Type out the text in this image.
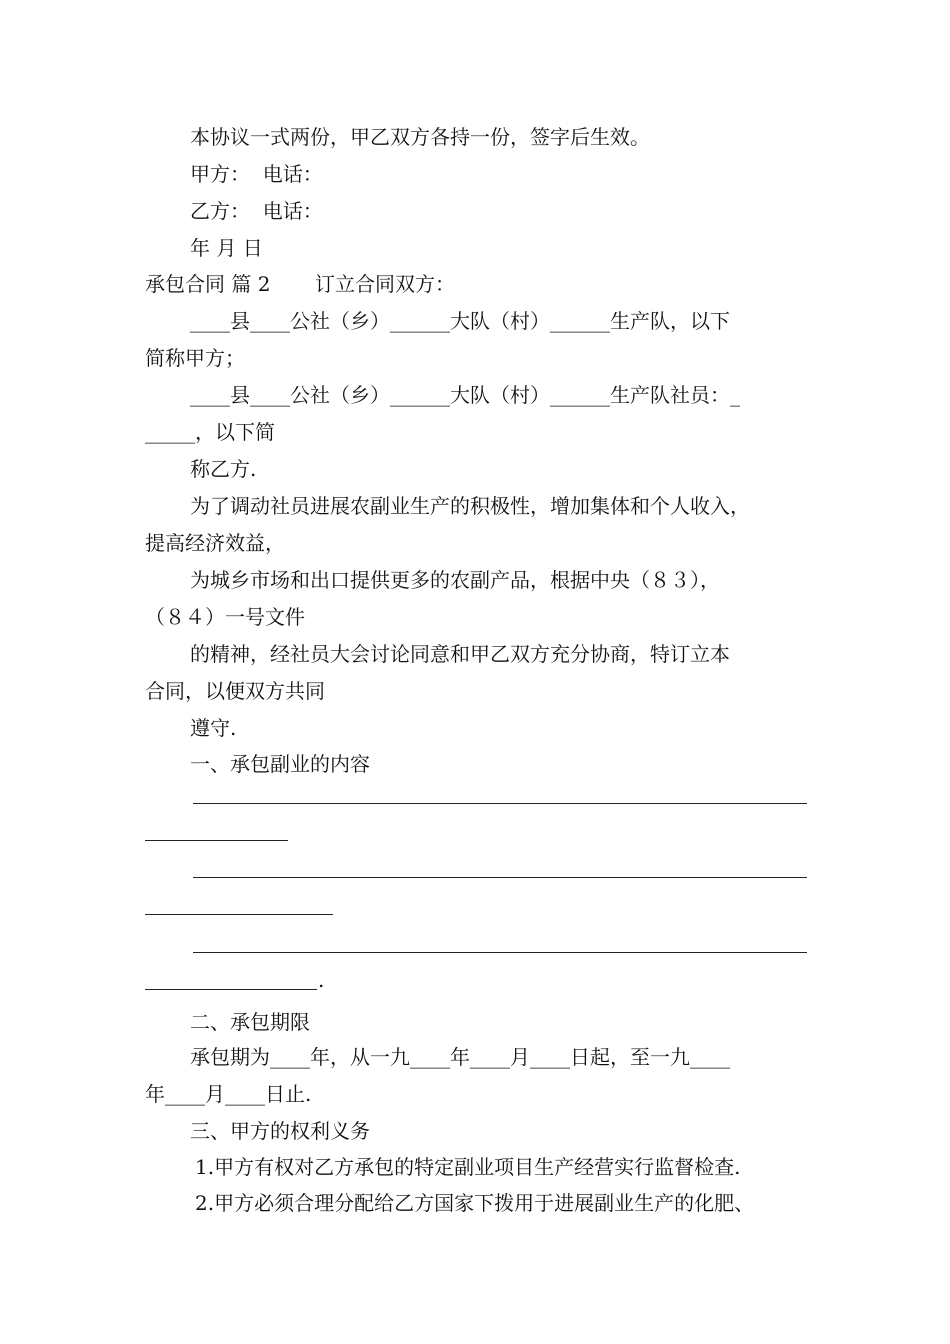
本协议一式两份，甲乙双方各持一份，签字后生效。
甲方：  电话：
乙方：  电话：
年 月 日
承包合同 篇 2       订立合同双方：
____县____公社（乡）______大队（村）______生产队，以下
简称甲方；
____县____公社（乡）______大队（村）______生产队社员：_
_____，以下简
称乙方.
为了调动社员进展农副业生产的积极性，增加集体和个人收入，
提高经济效益，
为城乡市场和出口提供更多的农副产品，根据中央（８３），
（８４）一号文件
的精神，经社员大会讨论同意和甲乙双方充分协商，特订立本
合同，以便双方共同
遵守.
一、承包副业的内容
.
二、承包期限
承包期为____年，从一九____年____月____日起，至一九____
年____月____日止.
三、甲方的权利义务
1.甲方有权对乙方承包的特定副业项目生产经营实行监督检查.
2.甲方必须合理分配给乙方国家下拨用于进展副业生产的化肥、
